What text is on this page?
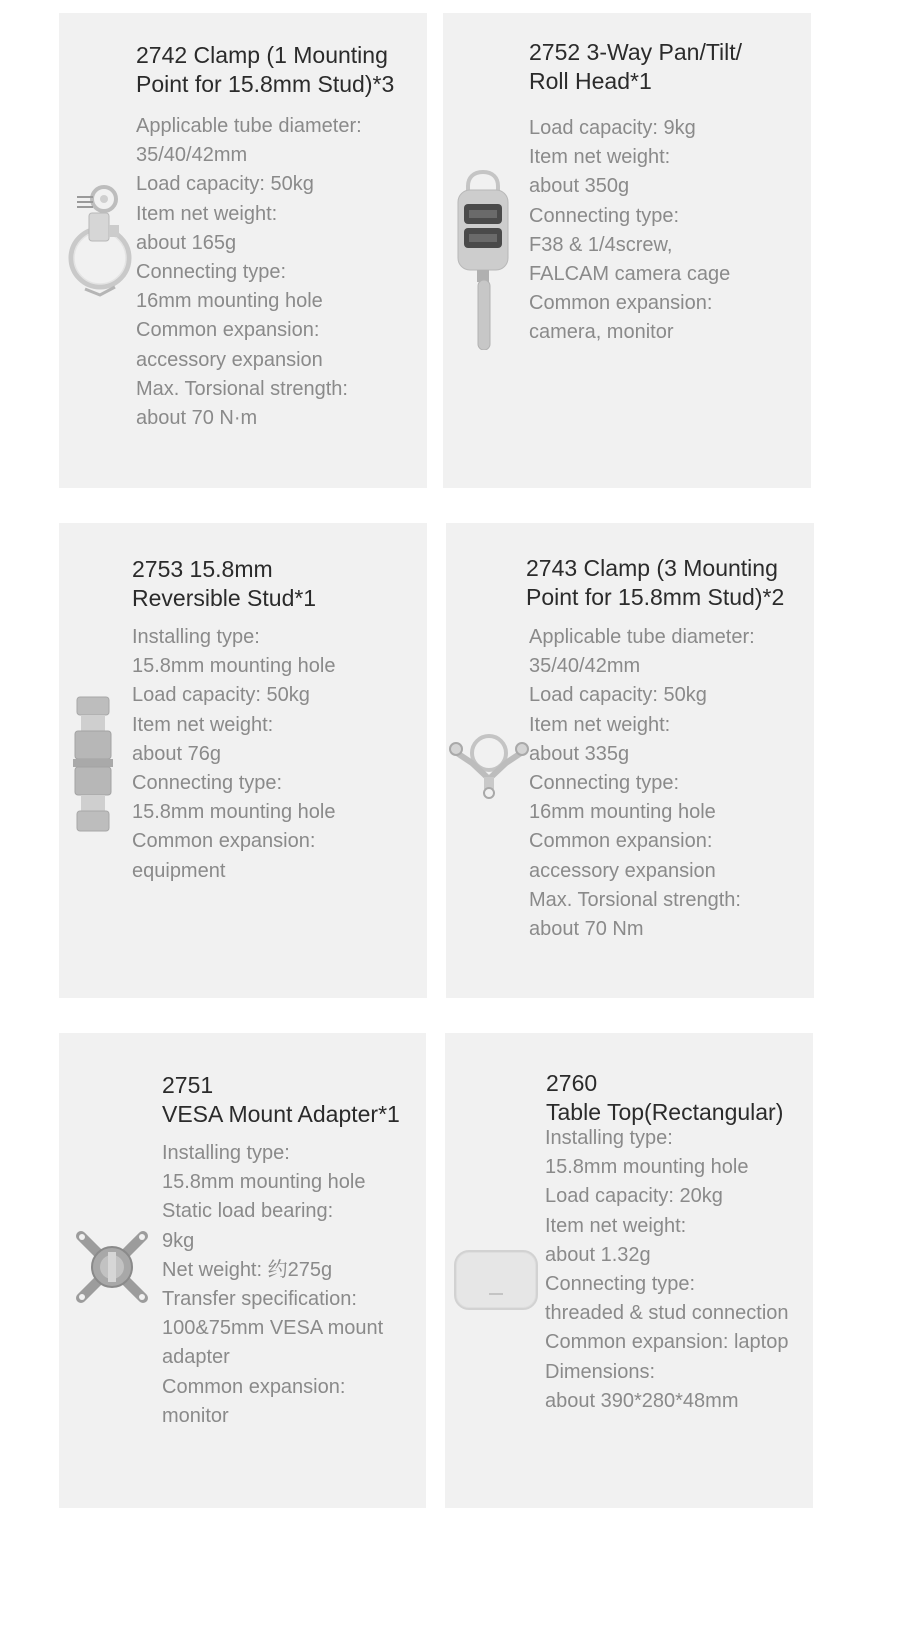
2742 Clamp (1 Mounting
Point for 15.8mm Stud)*3
Applicable tube diameter:
35/40/42mm
Load capacity: 50kg
Item net weight:
about 165g
Connecting type:
16mm mounting hole
Common expansion:
accessory expansion
Max. Torsional strength:
about 70 N·m
2752 3-Way Pan/Tilt/
Roll Head*1
Load capacity: 9kg
Item net weight:
about 350g
Connecting type:
F38 & 1/4screw,
FALCAM camera cage
Common expansion:
camera, monitor
2753 15.8mm
Reversible Stud*1
Installing type:
15.8mm mounting hole
Load capacity: 50kg
Item net weight:
about 76g
Connecting type:
15.8mm mounting hole
Common expansion:
equipment
2743 Clamp (3 Mounting
Point for 15.8mm Stud)*2
Applicable tube diameter:
35/40/42mm
Load capacity: 50kg
Item net weight:
about 335g
Connecting type:
16mm mounting hole
Common expansion:
accessory expansion
Max. Torsional strength:
about 70 Nm
2751
VESA Mount Adapter*1
Installing type:
15.8mm mounting hole
Static load bearing:
9kg
Net weight: 约275g
Transfer specification:
100&75mm VESA mount
adapter
Common expansion:
monitor
2760
Table Top(Rectangular)
Installing type:
15.8mm mounting hole
Load capacity: 20kg
Item net weight:
about 1.32g
Connecting type:
threaded & stud connection
Common expansion: laptop
Dimensions:
about 390*280*48mm
